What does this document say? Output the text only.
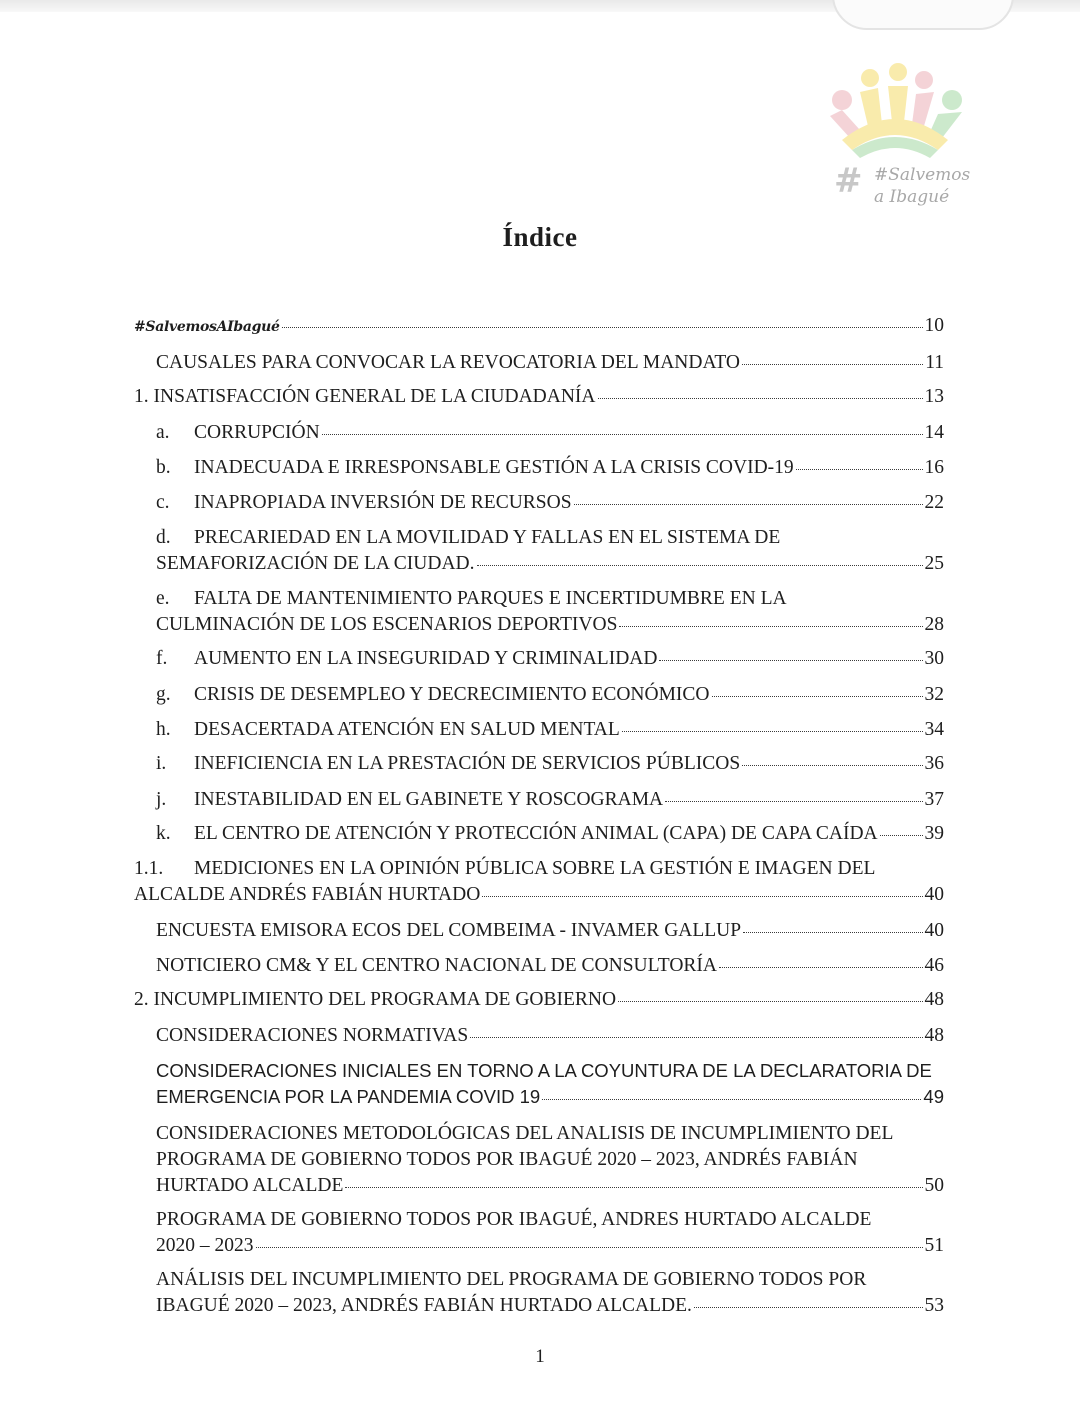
# #Salvemos
a Ibagué
Índice
#SalvemosAIbagué	10
CAUSALES PARA CONVOCAR LA REVOCATORIA DEL MANDATO	11
1. INSATISFACCIÓN GENERAL DE LA CIUDADANÍA	13
a. CORRUPCIÓN	14
b. INADECUADA E IRRESPONSABLE GESTIÓN A LA CRISIS COVID-19	16
c. INAPROPIADA INVERSIÓN DE RECURSOS	22
d. PRECARIEDAD EN LA MOVILIDAD Y FALLAS EN EL SISTEMA DE
SEMAFORIZACIÓN DE LA CIUDAD.	25
e. FALTA DE MANTENIMIENTO PARQUES E INCERTIDUMBRE EN LA
CULMINACIÓN DE LOS ESCENARIOS DEPORTIVOS	28
f. AUMENTO EN LA INSEGURIDAD Y CRIMINALIDAD	30
g. CRISIS DE DESEMPLEO Y DECRECIMIENTO ECONÓMICO	32
h. DESACERTADA ATENCIÓN EN SALUD MENTAL	34
i. INEFICIENCIA EN LA PRESTACIÓN DE SERVICIOS PÚBLICOS	36
j. INESTABILIDAD EN EL GABINETE Y ROSCOGRAMA	37
k. EL CENTRO DE ATENCIÓN Y PROTECCIÓN ANIMAL (CAPA) DE CAPA CAÍDA 39
1.1. MEDICIONES EN LA OPINIÓN PÚBLICA SOBRE LA GESTIÓN E IMAGEN DEL
ALCALDE ANDRÉS FABIÁN HURTADO	40
ENCUESTA EMISORA ECOS DEL COMBEIMA - INVAMER GALLUP	40
NOTICIERO CM& Y EL CENTRO NACIONAL DE CONSULTORÍA	46
2. INCUMPLIMIENTO DEL PROGRAMA DE GOBIERNO	48
CONSIDERACIONES NORMATIVAS	48
CONSIDERACIONES INICIALES EN TORNO A LA COYUNTURA DE LA DECLARATORIA DE
EMERGENCIA POR LA PANDEMIA COVID 19	49
CONSIDERACIONES METODOLÓGICAS DEL ANALISIS DE INCUMPLIMIENTO DEL
PROGRAMA DE GOBIERNO TODOS POR IBAGUÉ 2020 – 2023, ANDRÉS FABIÁN
HURTADO ALCALDE	50
PROGRAMA DE GOBIERNO TODOS POR IBAGUÉ, ANDRES HURTADO ALCALDE
2020 – 2023	51
ANÁLISIS DEL INCUMPLIMIENTO DEL PROGRAMA DE GOBIERNO TODOS POR
IBAGUÉ 2020 – 2023, ANDRÉS FABIÁN HURTADO ALCALDE.	53
1
